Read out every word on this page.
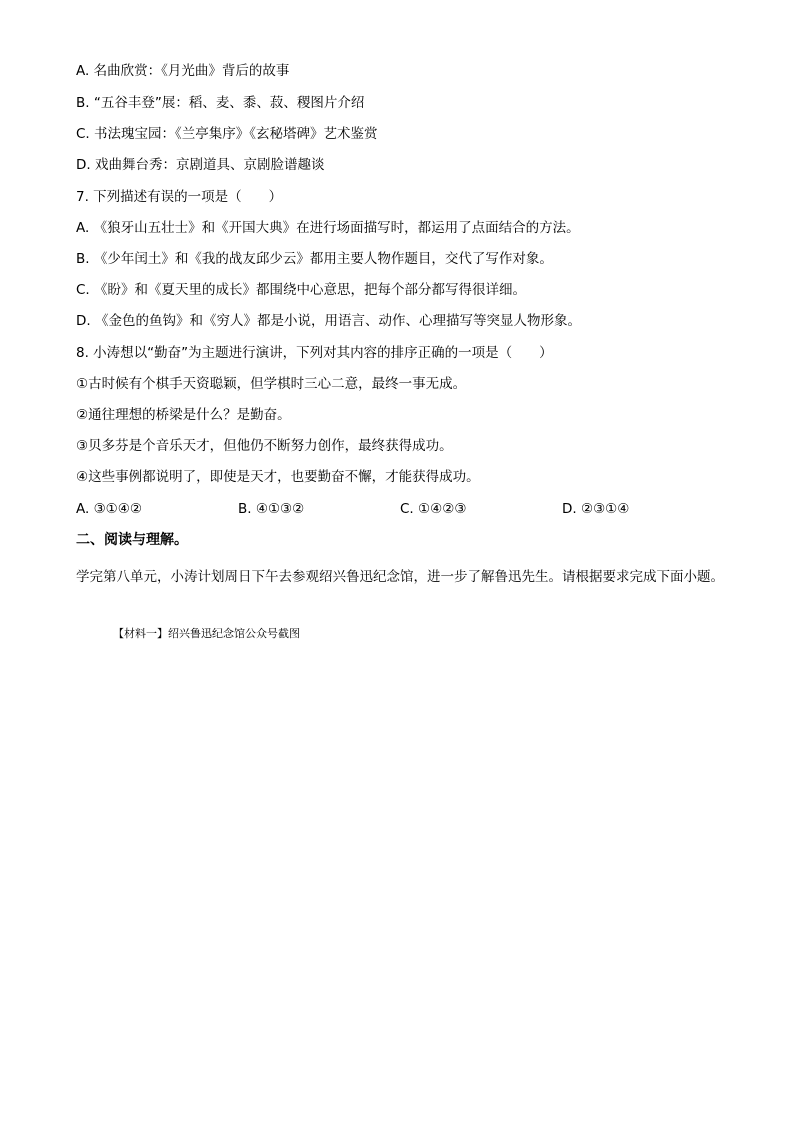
A. 名曲欣赏：《月光曲》背后的故事
B. “五谷丰登”展：稻、麦、黍、菽、稷图片介绍
C. 书法瑰宝园：《兰亭集序》《玄秘塔碑》艺术鉴赏
D. 戏曲舞台秀：京剧道具、京剧脸谱趣谈
7. 下列描述有误的一项是（　　）
A. 《狼牙山五壮士》和《开国大典》在进行场面描写时，都运用了点面结合的方法。
B. 《少年闰土》和《我的战友邱少云》都用主要人物作题目，交代了写作对象。
C. 《盼》和《夏天里的成长》都围绕中心意思，把每个部分都写得很详细。
D. 《金色的鱼钩》和《穷人》都是小说，用语言、动作、心理描写等突显人物形象。
8. 小涛想以“勤奋”为主题进行演讲，下列对其内容的排序正确的一项是（　　）
①古时候有个棋手天资聪颖，但学棋时三心二意，最终一事无成。
②通往理想的桥梁是什么？是勤奋。
③贝多芬是个音乐天才，但他仍不断努力创作，最终获得成功。
④这些事例都说明了，即使是天才，也要勤奋不懈，才能获得成功。
A. ③①④②	B. ④①③②	C. ①④②③	D. ②③①④
二、阅读与理解。
学完第八单元，小涛计划周日下午去参观绍兴鲁迅纪念馆，进一步了解鲁迅先生。请根据要求完成下面小题。
【材料一】绍兴鲁迅纪念馆公众号截图
